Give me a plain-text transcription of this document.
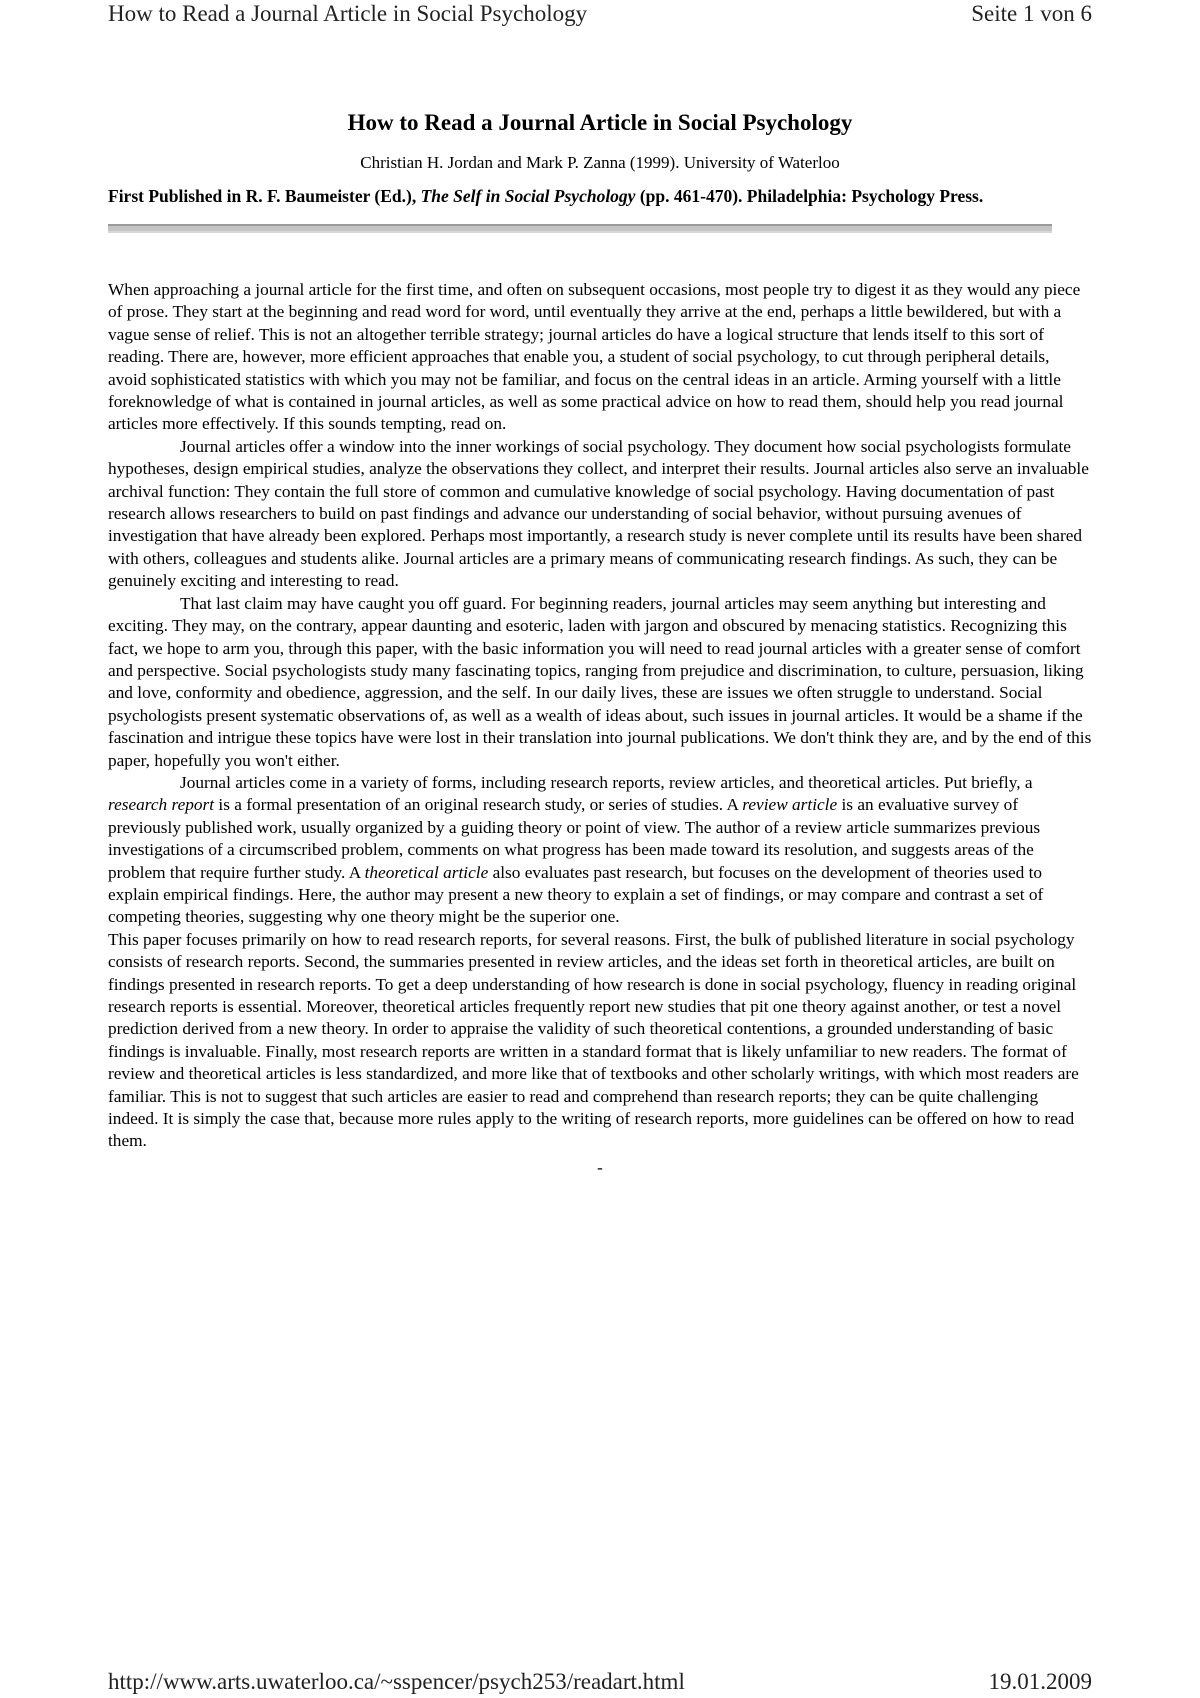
How to Read a Journal Article in Social Psychology	Seite 1 von 6
How to Read a Journal Article in Social Psychology

Christian H. Jordan and Mark P. Zanna (1999). University of Waterloo

First Published in R. F. Baumeister (Ed.), The Self in Social Psychology (pp. 461-470). Philadelphia: Psychology Press.

When approaching a journal article for the first time, and often on subsequent occasions, most people try to digest it as they would any piece of prose. They start at the beginning and read word for word, until eventually they arrive at the end, perhaps a little bewildered, but with a vague sense of relief. This is not an altogether terrible strategy; journal articles do have a logical structure that lends itself to this sort of reading. There are, however, more efficient approaches that enable you, a student of social psychology, to cut through peripheral details, avoid sophisticated statistics with which you may not be familiar, and focus on the central ideas in an article. Arming yourself with a little foreknowledge of what is contained in journal articles, as well as some practical advice on how to read them, should help you read journal articles more effectively. If this sounds tempting, read on.

Journal articles offer a window into the inner workings of social psychology. They document how social psychologists formulate hypotheses, design empirical studies, analyze the observations they collect, and interpret their results. Journal articles also serve an invaluable archival function: They contain the full store of common and cumulative knowledge of social psychology. Having documentation of past research allows researchers to build on past findings and advance our understanding of social behavior, without pursuing avenues of investigation that have already been explored. Perhaps most importantly, a research study is never complete until its results have been shared with others, colleagues and students alike. Journal articles are a primary means of communicating research findings. As such, they can be genuinely exciting and interesting to read.

That last claim may have caught you off guard. For beginning readers, journal articles may seem anything but interesting and exciting. They may, on the contrary, appear daunting and esoteric, laden with jargon and obscured by menacing statistics. Recognizing this fact, we hope to arm you, through this paper, with the basic information you will need to read journal articles with a greater sense of comfort and perspective. Social psychologists study many fascinating topics, ranging from prejudice and discrimination, to culture, persuasion, liking and love, conformity and obedience, aggression, and the self. In our daily lives, these are issues we often struggle to understand. Social psychologists present systematic observations of, as well as a wealth of ideas about, such issues in journal articles. It would be a shame if the fascination and intrigue these topics have were lost in their translation into journal publications. We don't think they are, and by the end of this paper, hopefully you won't either.

Journal articles come in a variety of forms, including research reports, review articles, and theoretical articles. Put briefly, a research report is a formal presentation of an original research study, or series of studies. A review article is an evaluative survey of previously published work, usually organized by a guiding theory or point of view. The author of a review article summarizes previous investigations of a circumscribed problem, comments on what progress has been made toward its resolution, and suggests areas of the problem that require further study. A theoretical article also evaluates past research, but focuses on the development of theories used to explain empirical findings. Here, the author may present a new theory to explain a set of findings, or may compare and contrast a set of competing theories, suggesting why one theory might be the superior one.

This paper focuses primarily on how to read research reports, for several reasons. First, the bulk of published literature in social psychology consists of research reports. Second, the summaries presented in review articles, and the ideas set forth in theoretical articles, are built on findings presented in research reports. To get a deep understanding of how research is done in social psychology, fluency in reading original research reports is essential. Moreover, theoretical articles frequently report new studies that pit one theory against another, or test a novel prediction derived from a new theory. In order to appraise the validity of such theoretical contentions, a grounded understanding of basic findings is invaluable. Finally, most research reports are written in a standard format that is likely unfamiliar to new readers. The format of review and theoretical articles is less standardized, and more like that of textbooks and other scholarly writings, with which most readers are familiar. This is not to suggest that such articles are easier to read and comprehend than research reports; they can be quite challenging indeed. It is simply the case that, because more rules apply to the writing of research reports, more guidelines can be offered on how to read them.

-
http://www.arts.uwaterloo.ca/~sspencer/psych253/readart.html	19.01.2009
